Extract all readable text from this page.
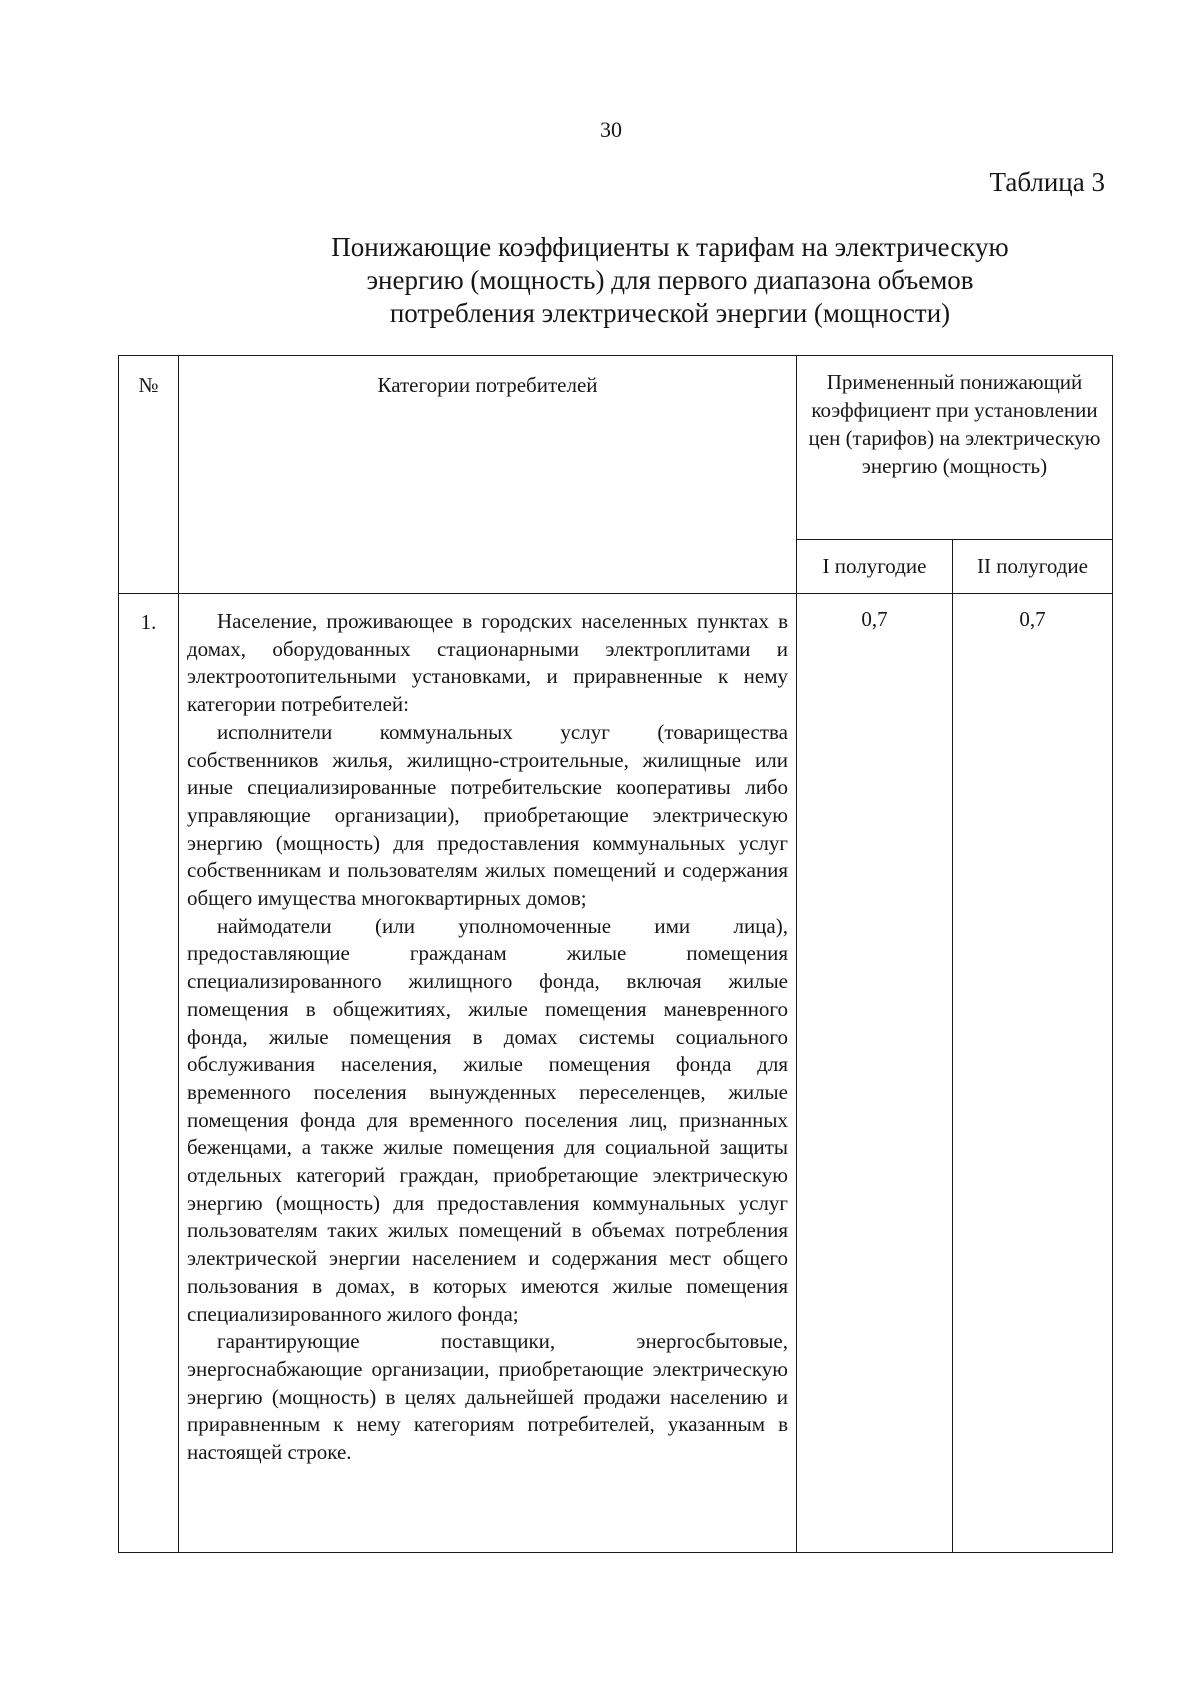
30
Таблица 3
Понижающие коэффициенты к тарифам на электрическую
энергию (мощность) для первого диапазона объемов
потребления электрической энергии (мощности)
№	Категории потребителей	Примененный понижающий коэффициент при установлении цен (тарифов) на электрическую энергию (мощность)	
		I полугодие	II полугодие
1.	Население, проживающее в городских населенных пунктах в домах, оборудованных стационарными электроплитами и электроотопительными установками, и приравненные к нему категории потребителей:
исполнители коммунальных услуг (товарищества собственников жилья, жилищно-строительные, жилищные или иные специализированные потребительские кооперативы либо управляющие организации), приобретающие электрическую энергию (мощность) для предоставления коммунальных услуг собственникам и пользователям жилых помещений и содержания общего имущества многоквартирных домов;
наймодатели (или уполномоченные ими лица), предоставляющие гражданам жилые помещения специализированного жилищного фонда, включая жилые помещения в общежитиях, жилые помещения маневренного фонда, жилые помещения в домах системы социального обслуживания населения, жилые помещения фонда для временного поселения вынужденных переселенцев, жилые помещения фонда для временного поселения лиц, признанных беженцами, а также жилые помещения для социальной защиты отдельных категорий граждан, приобретающие электрическую энергию (мощность) для предоставления коммунальных услуг пользователям таких жилых помещений в объемах потребления электрической энергии населением и содержания мест общего пользования в домах, в которых имеются жилые помещения специализированного жилого фонда;
гарантирующие поставщики, энергосбытовые, энергоснабжающие организации, приобретающие электрическую энергию (мощность) в целях дальнейшей продажи населению и приравненным к нему категориям потребителей, указанным в настоящей строке.	0,7	0,7
